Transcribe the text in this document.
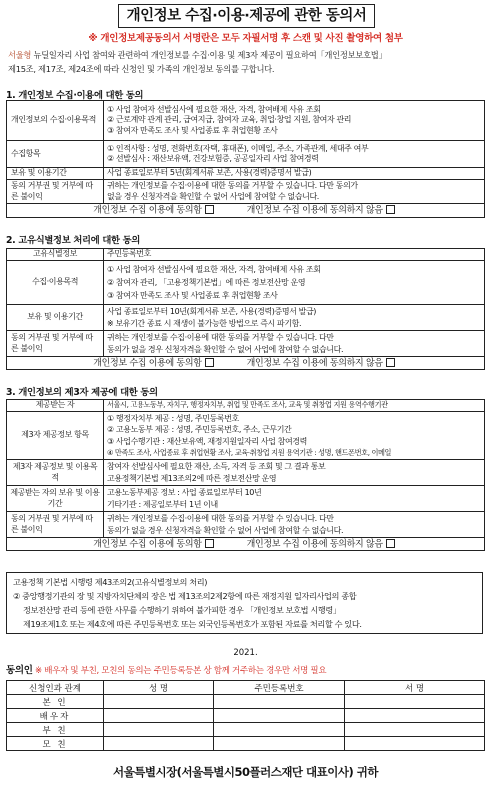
개인정보 수집·이용·제공에 관한 동의서
※ 개인정보제공동의서 서명란은 모두 자필서명 후 스캔 및 사진 촬영하여 첨부
서울형 뉴딜일자리 사업 참여와 관련하여 개인정보를 수집·이용 및 제3자 제공이 필요하여「개인정보보호법」
제15조, 제17조, 제24조에 따라 신청인 및 가족의 개인정보 동의를 구합니다.
1. 개인정보 수집·이용에 대한 동의
개인정보의 수집·이용목적	① 사업 참여자 선발심사에 필요한 재산, 자격, 참여배제 사유 조회
② 근로계약 관계 관리, 급여지급, 참여자 교육, 취업·창업 지원, 참여자 관리
③ 참여자 만족도 조사 및 사업종료 후 취업현황 조사

수집항목	① 인적사항 : 성명, 전화번호(자택, 휴대폰), 이메일, 주소, 가족관계, 세대주 여부
② 선발심사 : 재산보유액, 건강보험증, 공공일자리 사업 참여경력

보유 및 이용기간	사업 종료일로부터 5년(회계서류 보존, 사용(경력)증명서 발급)
동의 거부권 및 거부에 따른 불이익	귀하는 개인정보를 수집·이용에 대한 동의를 거부할 수 있습니다. 다만 동의가
없을 경우 신청자격을 확인할 수 없어 사업에 참여할 수 없습니다.

개인정보 수집 이용에 동의함 개인정보 수집 이용에 동의하지 않음	
2. 고유식별정보 처리에 대한 동의
고유식별정보	주민등록번호
수집·이용목적	① 사업 참여자 선발심사에 필요한 재산, 자격, 참여배제 사유 조회
② 참여자 관리, 「고용정책기본법」에 따른 정보전산망 운영
③ 참여자 만족도 조사 및 사업종료 후 취업현황 조사

보유 및 이용기간	사업 종료일로부터 10년(회계서류 보존, 사용(경력)증명서 발급)
※ 보유기간 종료 시 재생이 불가능한 방법으로 즉시 파기함.

동의 거부권 및 거부에 따른 불이익	귀하는 개인정보를 수집·이용에 대한 동의를 거부할 수 있습니다. 다만
동의가 없을 경우 신청자격을 확인할 수 없어 사업에 참여할 수 없습니다.

개인정보 수집 이용에 동의함 개인정보 수집 이용에 동의하지 않음	
3. 개인정보의 제3자 제공에 대한 동의
제공받는 자	서울시, 고용노동부, 자치구, 행정자치부, 취업 및 만족도 조사, 교육 및 취창업 지원 용역수행기관
제3자 제공정보 항목	① 행정자치부 제공 : 성명, 주민등록번호
② 고용노동부 제공 : 성명, 주민등록번호, 주소, 근무기간
③ 사업수행기관 : 재산보유액, 재정지원일자리 사업 참여경력
④ 만족도 조사, 사업종료 후 취업현황 조사, 교육·취창업 지원 용역기관 : 성명, 핸드폰번호, 이메일

제3자 제공정보 및 이용목적	참여자 선발심사에 필요한 재산, 소득, 자격 등 조회 및 그 결과 통보
고용정책기본법 제13조의2에 따른 정보전산망 운영

제공받는 자의 보유 및 이용기간	고용노동부제공 정보 : 사업 종료일로부터 10년
기타기관 : 제공일로부터 1년 이내

동의 거부권 및 거부에 따른 불이익	귀하는 개인정보를 수집·이용에 대한 동의를 거부할 수 있습니다. 다만
동의가 없을 경우 신청자격을 확인할 수 없어 사업에 참여할 수 없습니다.

개인정보 수집 이용에 동의함 개인정보 수집 이용에 동의하지 않음	
고용정책 기본법 시행령 제43조의2(고유식별정보의 처리)
② 중앙행정기관의 장 및 지방자치단체의 장은 법 제13조의2제2항에 따른 재정지원 일자리사업의 종합
정보전산망 관리 등에 관한 사무를 수행하기 위하여 불가피한 경우 「개인정보 보호법 시행령」
제19조제1호 또는 제4호에 따른 주민등록번호 또는 외국인등록번호가 포함된 자료를 처리할 수 있다.
2021.
동의인 ※ 배우자 및 부친, 모친의 동의는 주민등록등본 상 함께 거주하는 경우만 서명 필요
신청인과 관계	성 명	주민등록번호	서 명
본 인			
배우자			
부 친			
모 친			
서울특별시장(서울특별시50플러스재단 대표이사) 귀하
